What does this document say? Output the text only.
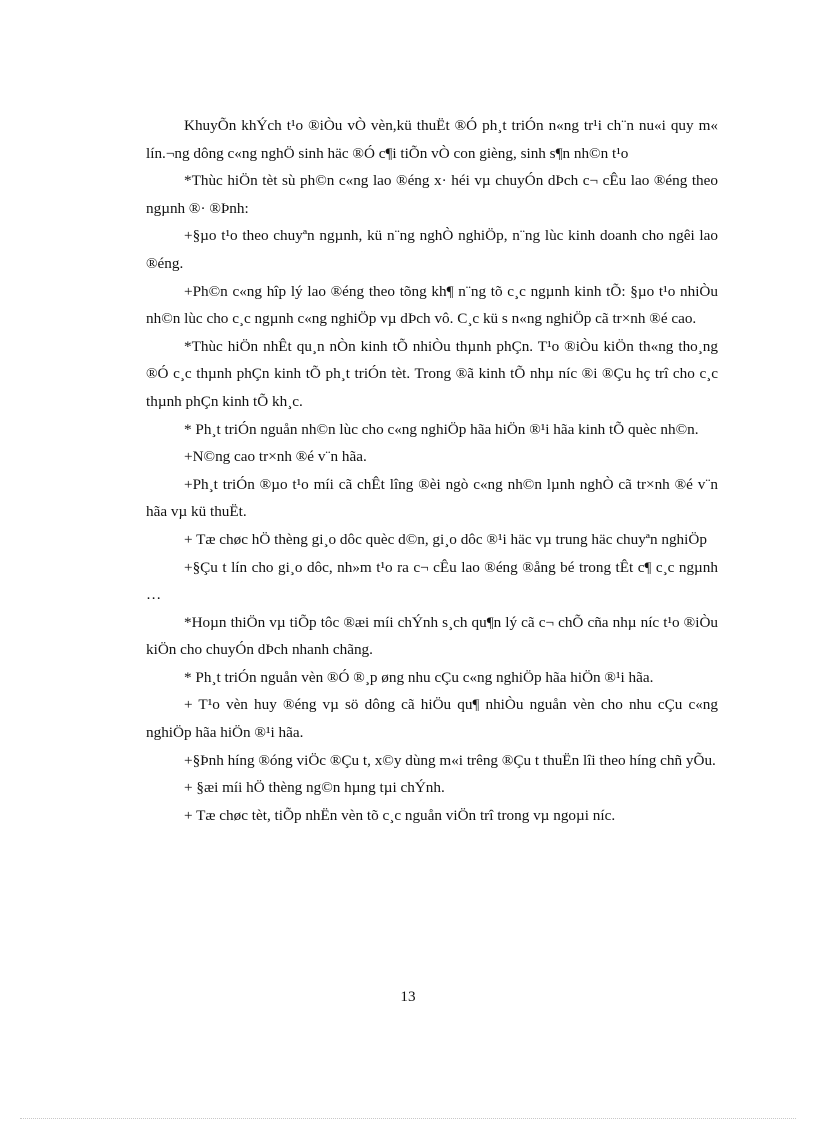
KhuyÕn khÝch t¹o ®iÒu vÒ vèn,kü thuËt ®Ó ph¸t triÓn n«ng tr¹i ch¨n nu«i quy m« lín.¬ng dông c«ng nghÖ sinh häc ®Ó c¶i tiÕn vÒ con gièng, sinh s¶n nh©n t¹o

*Thùc hiÖn tèt sù ph©n c«ng lao ®éng x· héi vµ chuyÓn dÞch c¬ cÊu lao ®éng theo ngµnh ®· ®Þnh:

+§µo t¹o theo chuyªn ngµnh, kü n¨ng nghÒ nghiÖp, n¨ng lùc kinh doanh cho ngêi lao ®éng.

+Ph©n c«ng hîp lý lao ®éng theo tõng kh¶ n¨ng tõ c¸c ngµnh kinh tÕ: §µo t¹o nhiÒu nh©n lùc cho c¸c ngµnh c«ng nghiÖp vµ dÞch vô. C¸c kü s n«ng nghiÖp cã tr×nh ®é cao.

*Thùc hiÖn nhÊt qu¸n nÒn kinh tÕ nhiÒu thµnh phÇn. T¹o ®iÒu kiÖn th«ng tho¸ng ®Ó c¸c thµnh phÇn kinh tÕ ph¸t triÓn tèt. Trong ®ã kinh tÕ nhµ níc ®i ®Çu hç trî cho c¸c thµnh phÇn kinh tÕ kh¸c.

* Ph¸t triÓn nguån nh©n lùc cho c«ng nghiÖp hãa hiÖn ®¹i hãa kinh tÕ quèc nh©n.

+N©ng cao tr×nh ®é v¨n hãa.

+Ph¸t triÓn ®µo t¹o míi cã chÊt lîng ®èi ngò c«ng nh©n lµnh nghÒ cã tr×nh ®é v¨n hãa vµ kü thuËt.

+ Tæ chøc hÖ thèng gi¸o dôc quèc d©n, gi¸o dôc ®¹i häc vµ trung häc chuyªn nghiÖp

+§Çu t lín cho gi¸o dôc, nh»m t¹o ra c¬ cÊu lao ®éng ®ång bé trong tÊt c¶ c¸c ngµnh …

*Hoµn thiÖn vµ tiÕp tôc ®æi míi chÝnh s¸ch qu¶n lý cã c¬ chÕ cña nhµ níc t¹o ®iÒu kiÖn cho chuyÓn dÞch nhanh chãng.

* Ph¸t triÓn nguån vèn ®Ó ®¸p øng nhu cÇu c«ng nghiÖp hãa hiÖn ®¹i hãa.

+ T¹o vèn huy ®éng vµ sö dông cã hiÖu qu¶ nhiÒu nguån vèn cho nhu cÇu c«ng nghiÖp hãa hiÖn ®¹i hãa.

+§Þnh híng ®óng viÖc ®Çu t, x©y dùng m«i trêng ®Çu t thuËn lîi theo híng chñ yÕu.

+ §æi míi hÖ thèng ng©n hµng tµi chÝnh.

+ Tæ chøc tèt, tiÕp nhËn vèn tõ c¸c nguån viÖn trî trong vµ ngoµi níc.

13
